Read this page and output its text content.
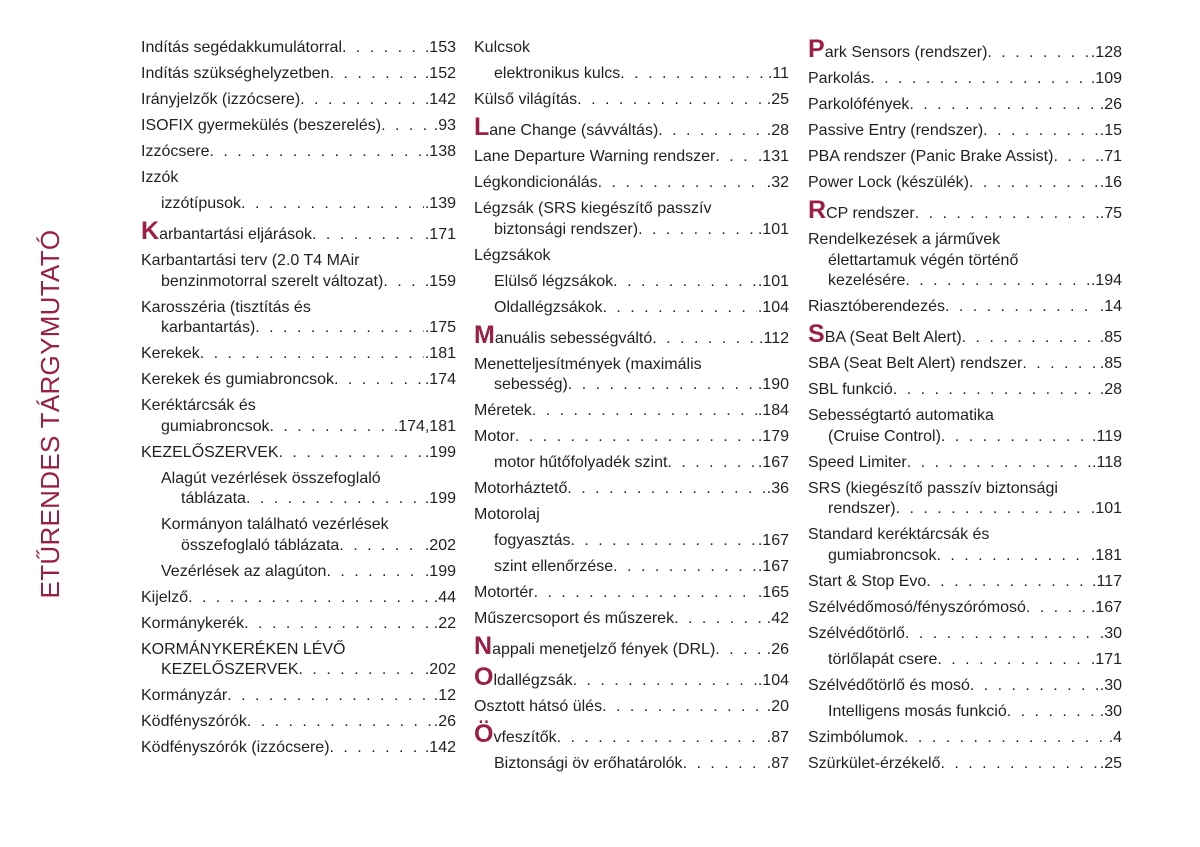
ETŰRENDES TÁRGYMUTATÓ
Indítás segédakkumulátorral . . .	.153
Indítás szükséghelyzetben . . .	.152
Irányjelzők (izzócsere) . . .	.142
ISOFIX gyermekülés (beszerelés) . . .	.93
Izzócsere . . .	.138
Izzók
izzótípusok . . .	.139
Karbantartási eljárások . . .	.171
Karbantartási terv (2.0 T4 MAir
benzinmotorral szerelt változat) . . .	.159
Karosszéria (tisztítás és
karbantartás) . . .	.175
Kerekek . . .	.181
Kerekek és gumiabroncsok . . .	.174
Keréktárcsák és
gumiabroncsok . . .	.174,181
KEZELŐSZERVEK . . .	.199
Alagút vezérlések összefoglaló
táblázata . . .	.199
Kormányon található vezérlések
összefoglaló táblázata . . .	.202
Vezérlések az alagúton . . .	.199
Kijelző . . .	.44
Kormánykerék . . .	.22
KORMÁNYKERÉKEN LÉVŐ
KEZELŐSZERVEK . . .	.202
Kormányzár . . .	.12
Ködfényszórók . . .	.26
Ködfényszórók (izzócsere) . . .	.142
Kulcsok
elektronikus kulcs . . .	.11
Külső világítás . . .	.25
Lane Change (sávváltás) . . .	.28
Lane Departure Warning rendszer . . .	.131
Légkondicionálás . . .	.32
Légzsák (SRS kiegészítő passzív
biztonsági rendszer) . . .	.101
Légzsákok
Elülső légzsákok . . .	.101
Oldallégzsákok . . .	.104
Manuális sebességváltó . . .	.112
Menetteljesítmények (maximális
sebesség) . . .	.190
Méretek . . .	.184
Motor . . .	.179
motor hűtőfolyadék szint . . .	.167
Motorháztető . . .	.36
Motorolaj
fogyasztás . . .	.167
szint ellenőrzése . . .	.167
Motortér . . .	.165
Műszercsoport és műszerek . . .	.42
Nappali menetjelző fények (DRL) . . .	.26
Oldallégzsák . . .	.104
Osztott hátsó ülés . . .	.20
Övfeszítők . . .	.87
Biztonsági öv erőhatárolók . . .	.87
Park Sensors (rendszer) . . .	.128
Parkolás . . .	.109
Parkolófények . . .	.26
Passive Entry (rendszer) . . .	.15
PBA rendszer (Panic Brake Assist) . . .	.71
Power Lock (készülék) . . .	.16
RCP rendszer . . .	.75
Rendelkezések a járművek
élettartamuk végén történő
kezelésére . . .	.194
Riasztóberendezés . . .	.14
SBA (Seat Belt Alert) . . .	.85
SBA (Seat Belt Alert) rendszer . . .	.85
SBL funkció . . .	.28
Sebességtartó automatika
(Cruise Control) . . .	.119
Speed Limiter . . .	.118
SRS (kiegészítő passzív biztonsági
rendszer) . . .	.101
Standard keréktárcsák és
gumiabroncsok . . .	.181
Start & Stop Evo . . .	.117
Szélvédőmosó/fényszórómosó . . .	.167
Szélvédőtörlő . . .	.30
törlőlapát csere . . .	.171
Szélvédőtörlő és mosó . . .	.30
Intelligens mosás funkció . . .	.30
Szimbólumok . . .	.4
Szürkület-érzékelő . . .	.25
